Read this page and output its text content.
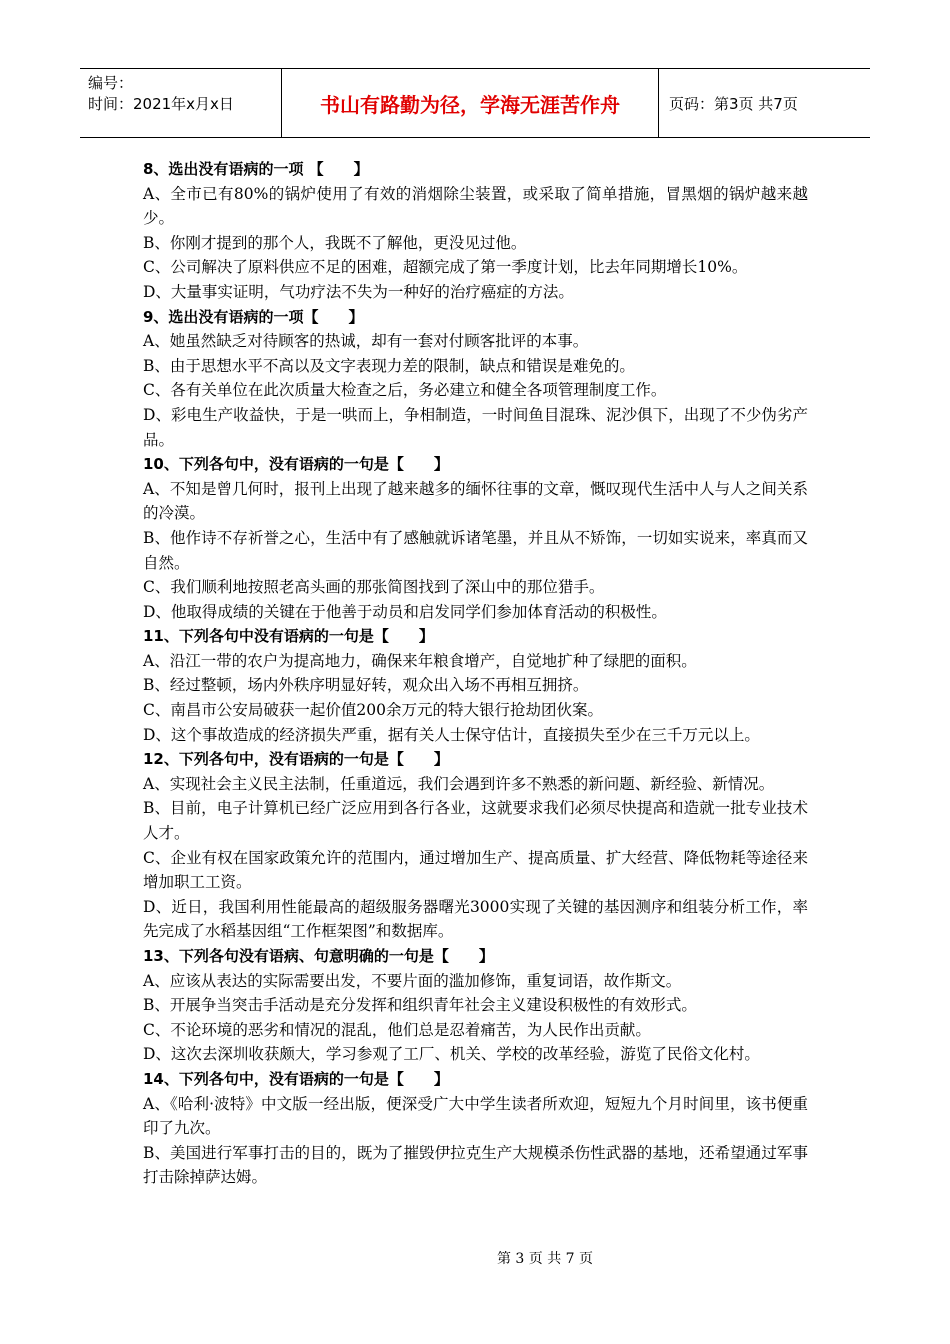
编号：
时间：2021年x月x日	书山有路勤为径，学海无涯苦作舟	页码：第3页 共7页

8、选出没有语病的一项 【　　】

A、全市已有80%的锅炉使用了有效的消烟除尘装置，或采取了简单措施，冒黑烟的锅炉越来越少。

B、你刚才提到的那个人，我既不了解他，更没见过他。

C、公司解决了原料供应不足的困难，超额完成了第一季度计划，比去年同期增长10%。

D、大量事实证明，气功疗法不失为一种好的治疗癌症的方法。

9、选出没有语病的一项【　　】

A、她虽然缺乏对待顾客的热诚，却有一套对付顾客批评的本事。

B、由于思想水平不高以及文字表现力差的限制，缺点和错误是难免的。

C、各有关单位在此次质量大检查之后，务必建立和健全各项管理制度工作。

D、彩电生产收益快，于是一哄而上，争相制造，一时间鱼目混珠、泥沙俱下，出现了不少伪劣产品。

10、下列各句中，没有语病的一句是【　　】

A、不知是曾几何时，报刊上出现了越来越多的缅怀往事的文章，慨叹现代生活中人与人之间关系的冷漠。

B、他作诗不存祈誉之心，生活中有了感触就诉诸笔墨，并且从不矫饰，一切如实说来，率真而又自然。

C、我们顺利地按照老高头画的那张简图找到了深山中的那位猎手。

D、他取得成绩的关键在于他善于动员和启发同学们参加体育活动的积极性。

11、下列各句中没有语病的一句是【　　】

A、沿江一带的农户为提高地力，确保来年粮食增产，自觉地扩种了绿肥的面积。

B、经过整顿，场内外秩序明显好转，观众出入场不再相互拥挤。

C、南昌市公安局破获一起价值200余万元的特大银行抢劫团伙案。

D、这个事故造成的经济损失严重，据有关人士保守估计，直接损失至少在三千万元以上。

12、下列各句中，没有语病的一句是【　　】

A、实现社会主义民主法制，任重道远，我们会遇到许多不熟悉的新问题、新经验、新情况。

B、目前，电子计算机已经广泛应用到各行各业，这就要求我们必须尽快提高和造就一批专业技术人才。

C、企业有权在国家政策允许的范围内，通过增加生产、提高质量、扩大经营、降低物耗等途径来增加职工工资。

D、近日，我国利用性能最高的超级服务器曙光3000实现了关键的基因测序和组装分析工作，率先完成了水稻基因组“工作框架图”和数据库。

13、下列各句没有语病、句意明确的一句是【　　】

A、应该从表达的实际需要出发，不要片面的滥加修饰，重复词语，故作斯文。

B、开展争当突击手活动是充分发挥和组织青年社会主义建设积极性的有效形式。

C、不论环境的恶劣和情况的混乱，他们总是忍着痛苦，为人民作出贡献。

D、这次去深圳收获颇大，学习参观了工厂、机关、学校的改革经验，游览了民俗文化村。

14、下列各句中，没有语病的一句是【　　】

A、《哈利·波特》中文版一经出版，便深受广大中学生读者所欢迎，短短九个月时间里，该书便重印了九次。

B、美国进行军事打击的目的，既为了摧毁伊拉克生产大规模杀伤性武器的基地，还希望通过军事打击除掉萨达姆。

第 3 页 共 7 页
